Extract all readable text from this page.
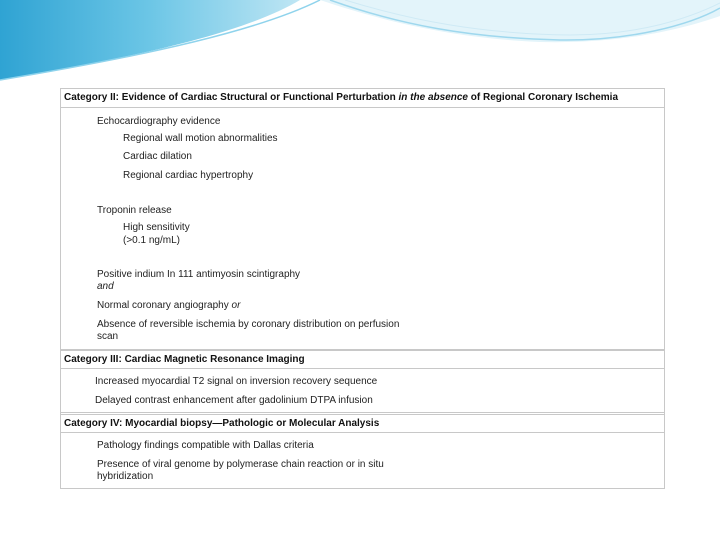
Category II: Evidence of Cardiac Structural or Functional Perturbation in the absence of Regional Coronary Ischemia
Echocardiography evidence
Regional wall motion abnormalities
Cardiac dilation
Regional cardiac hypertrophy
Troponin release
High sensitivity
(>0.1 ng/mL)
Positive indium In 111 antimyosin scintigraphy
and
Normal coronary angiography or
Absence of reversible ischemia by coronary distribution on perfusion
scan
Category III: Cardiac Magnetic Resonance Imaging
Increased myocardial T2 signal on inversion recovery sequence
Delayed contrast enhancement after gadolinium DTPA infusion
Category IV: Myocardial biopsy—Pathologic or Molecular Analysis
Pathology findings compatible with Dallas criteria
Presence of viral genome by polymerase chain reaction or in situ
hybridization
